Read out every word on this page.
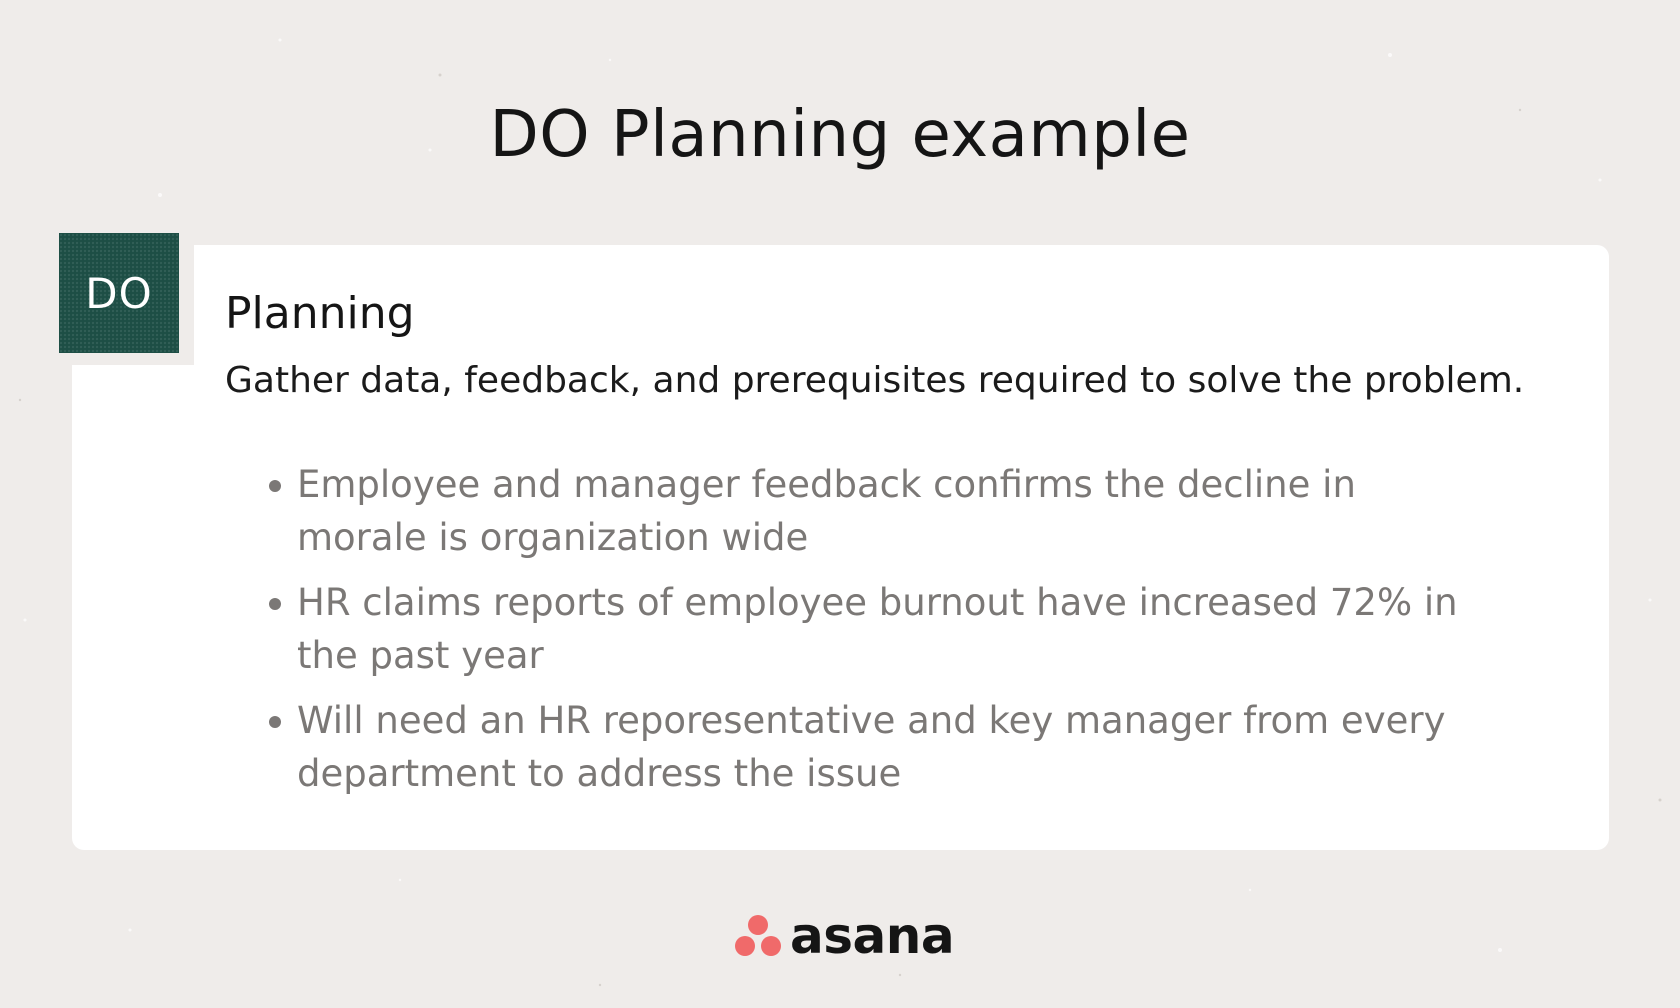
DO Planning example
DO	Planning

Gather data, feedback, and prerequisites required to solve the problem.

Employee and manager feedback confirms the decline in morale is organization wide
HR claims reports of employee burnout have increased 72% in the past year
Will need an HR reporesentative and key manager from every department to address the issue
asana
